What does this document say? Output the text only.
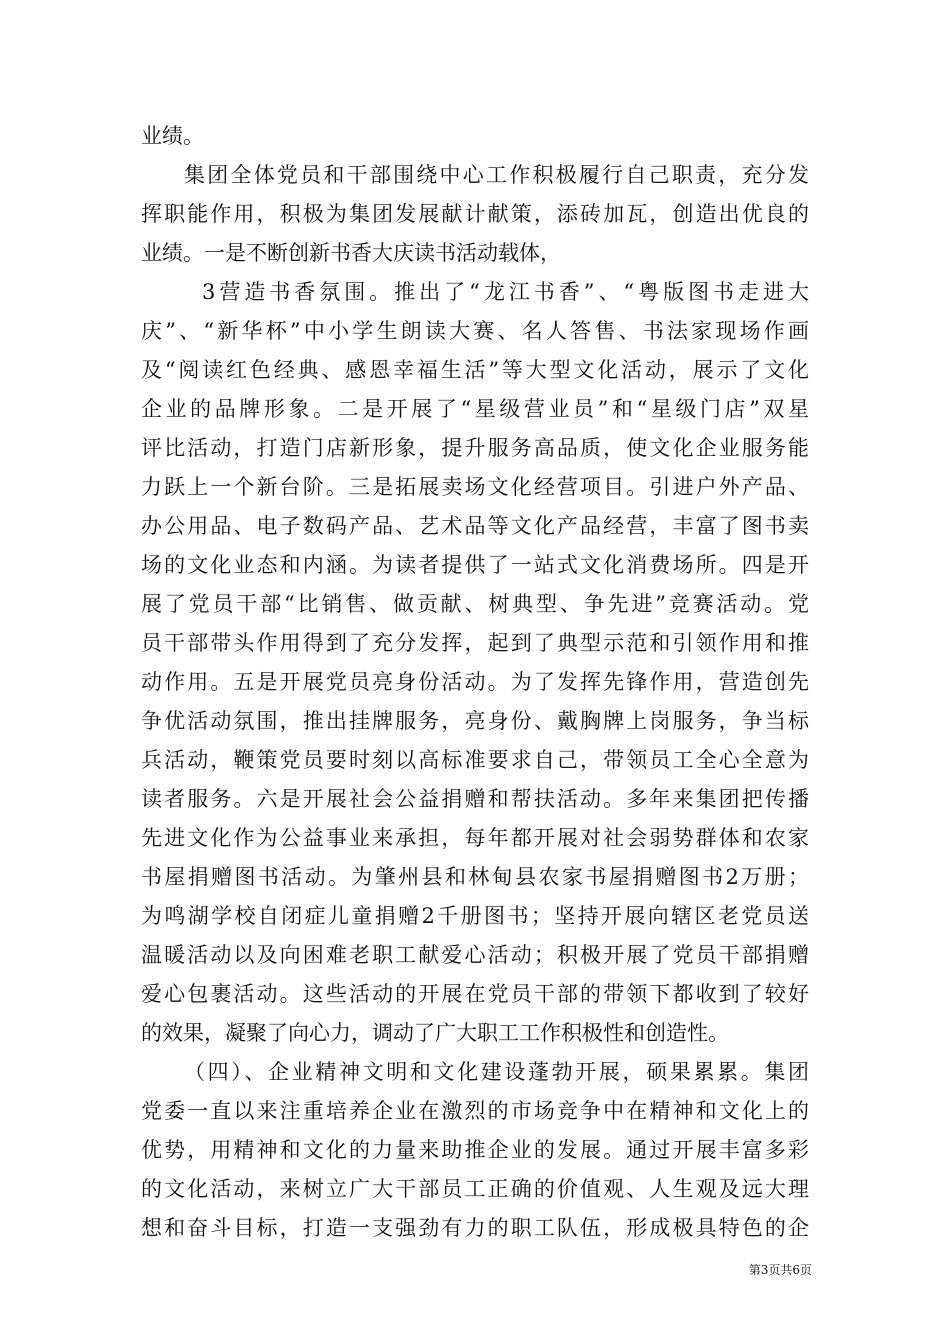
业绩。
集团全体党员和干部围绕中心工作积极履行自己职责，充分发
挥职能作用，积极为集团发展献计献策，添砖加瓦，创造出优良的
业绩。一是不断创新书香大庆读书活动载体，
3营造书香氛围。推出了“龙江书香”、“粤版图书走进大
庆”、“新华杯”中小学生朗读大赛、名人答售、书法家现场作画
及“阅读红色经典、感恩幸福生活”等大型文化活动，展示了文化
企业的品牌形象。二是开展了“星级营业员”和“星级门店”双星
评比活动，打造门店新形象，提升服务高品质，使文化企业服务能
力跃上一个新台阶。三是拓展卖场文化经营项目。引进户外产品、
办公用品、电子数码产品、艺术品等文化产品经营，丰富了图书卖
场的文化业态和内涵。为读者提供了一站式文化消费场所。四是开
展了党员干部“比销售、做贡献、树典型、争先进”竞赛活动。党
员干部带头作用得到了充分发挥，起到了典型示范和引领作用和推
动作用。五是开展党员亮身份活动。为了发挥先锋作用，营造创先
争优活动氛围，推出挂牌服务，亮身份、戴胸牌上岗服务，争当标
兵活动，鞭策党员要时刻以高标准要求自己，带领员工全心全意为
读者服务。六是开展社会公益捐赠和帮扶活动。多年来集团把传播
先进文化作为公益事业来承担，每年都开展对社会弱势群体和农家
书屋捐赠图书活动。为肇州县和林甸县农家书屋捐赠图书2万册；
为鸣湖学校自闭症儿童捐赠2千册图书；坚持开展向辖区老党员送
温暖活动以及向困难老职工献爱心活动；积极开展了党员干部捐赠
爱心包裹活动。这些活动的开展在党员干部的带领下都收到了较好
的效果，凝聚了向心力，调动了广大职工工作积极性和创造性。
（四）、企业精神文明和文化建设蓬勃开展，硕果累累。集团
党委一直以来注重培养企业在激烈的市场竞争中在精神和文化上的
优势，用精神和文化的力量来助推企业的发展。通过开展丰富多彩
的文化活动，来树立广大干部员工正确的价值观、人生观及远大理
想和奋斗目标，打造一支强劲有力的职工队伍，形成极具特色的企
第3页共6页
